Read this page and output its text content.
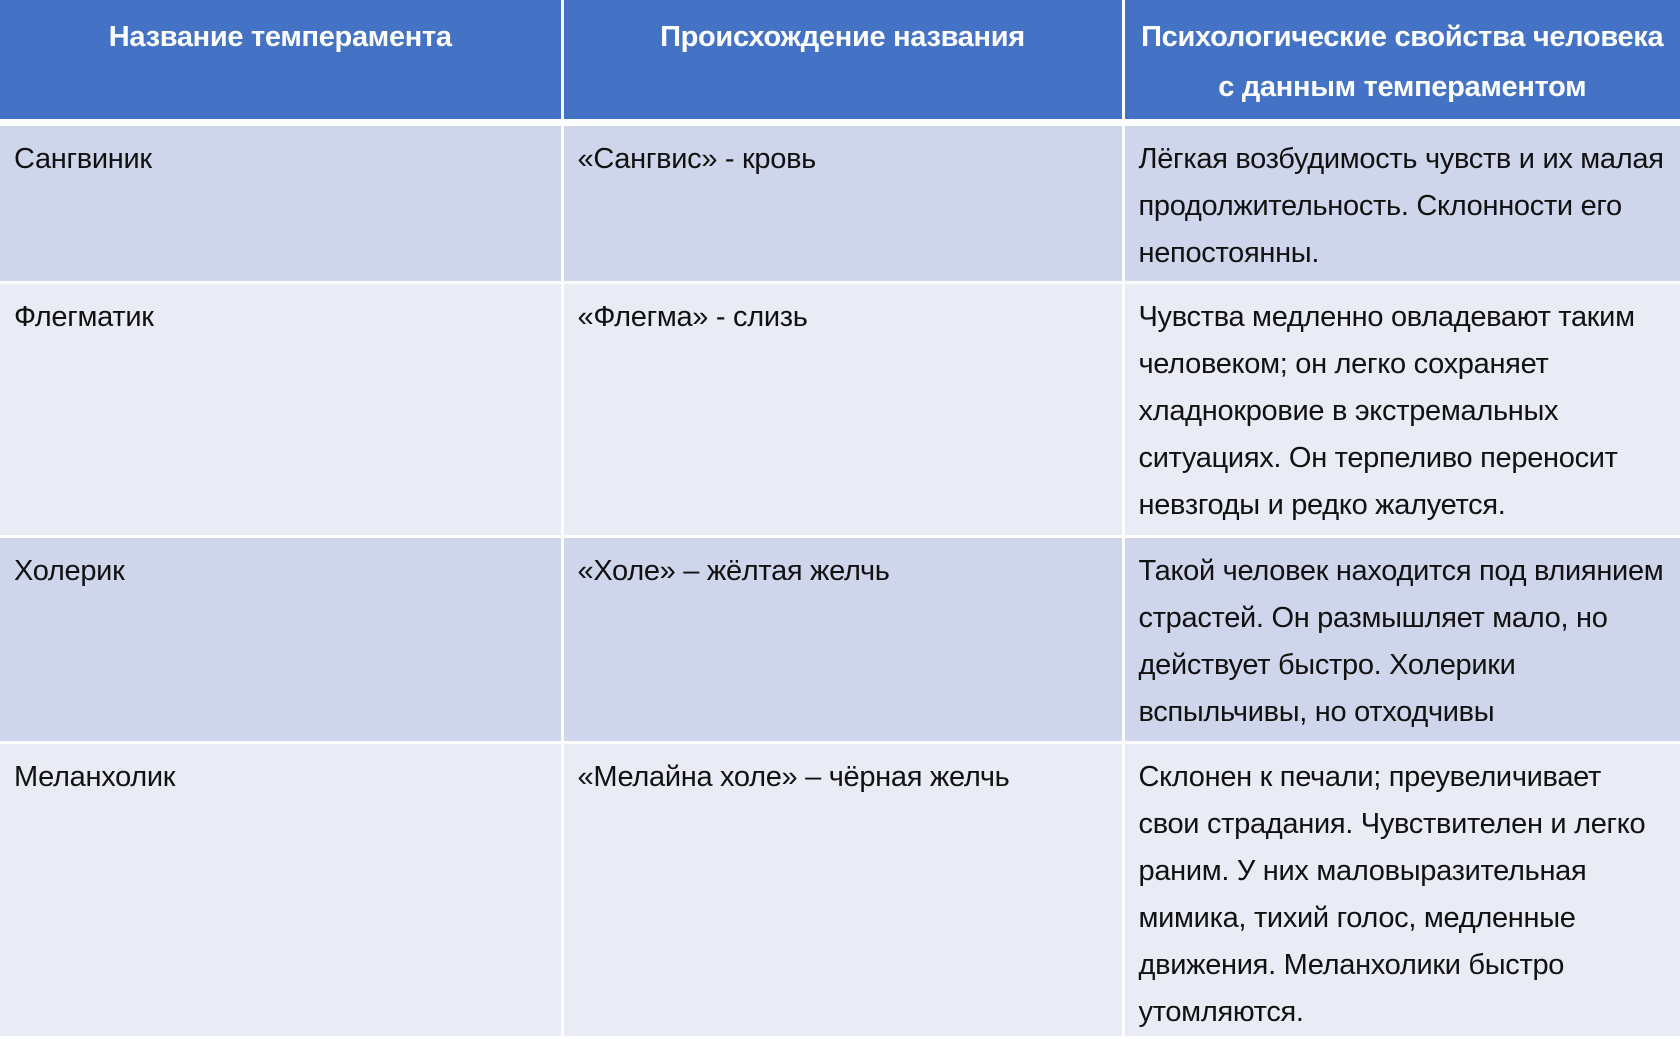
Название темперамента	Происхождение названия	Психологические свойства человека с данным темпераментом
Сангвиник	«Сангвис» - кровь	Лёгкая возбудимость чувств и их малая продолжительность. Склонности его непостоянны.
Флегматик	«Флегма» - слизь	Чувства медленно овладевают таким человеком; он легко сохраняет хладнокровие в экстремальных ситуациях. Он терпеливо переносит невзгоды и редко жалуется.
Холерик	«Холе» – жёлтая желчь	Такой человек находится под влиянием страстей. Он размышляет мало, но действует быстро. Холерики вспыльчивы, но отходчивы
Меланхолик	«Мелайна холе» – чёрная желчь	Склонен к печали; преувеличивает свои страдания. Чувствителен и легко раним. У них маловыразительная мимика, тихий голос, медленные движения. Меланхолики быстро утомляются.
